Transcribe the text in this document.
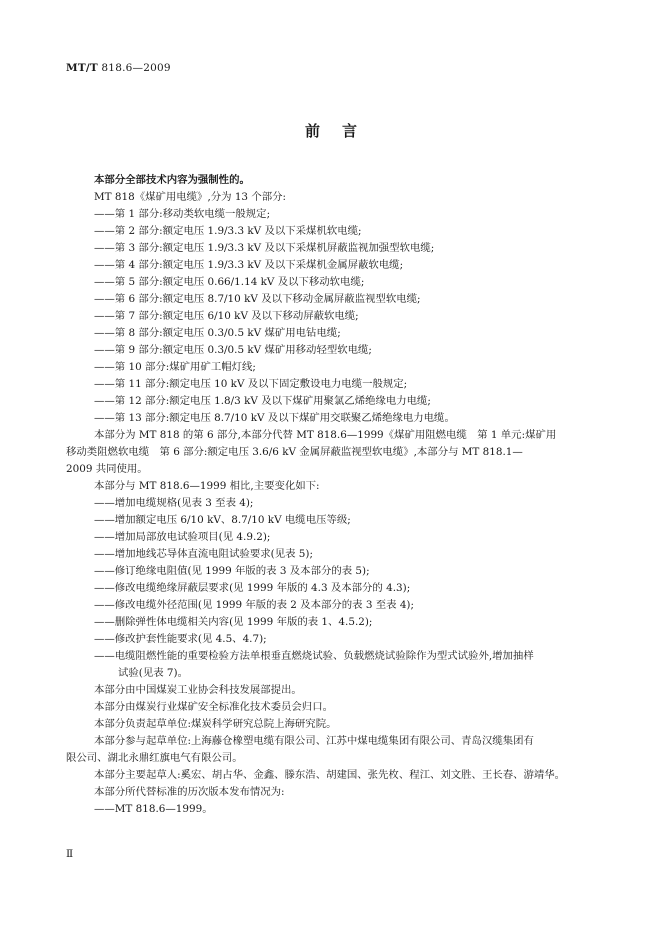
MT/T 818.6—2009
前言
本部分全部技术内容为强制性的。
MT 818《煤矿用电缆》,分为 13 个部分:
——第 1 部分:移动类软电缆一般规定;
——第 2 部分:额定电压 1.9/3.3 kV 及以下采煤机软电缆;
——第 3 部分:额定电压 1.9/3.3 kV 及以下采煤机屏蔽监视加强型软电缆;
——第 4 部分:额定电压 1.9/3.3 kV 及以下采煤机金属屏蔽软电缆;
——第 5 部分:额定电压 0.66/1.14 kV 及以下移动软电缆;
——第 6 部分:额定电压 8.7/10 kV 及以下移动金属屏蔽监视型软电缆;
——第 7 部分:额定电压 6/10 kV 及以下移动屏蔽软电缆;
——第 8 部分:额定电压 0.3/0.5 kV 煤矿用电钻电缆;
——第 9 部分:额定电压 0.3/0.5 kV 煤矿用移动轻型软电缆;
——第 10 部分:煤矿用矿工帽灯线;
——第 11 部分:额定电压 10 kV 及以下固定敷设电力电缆一般规定;
——第 12 部分:额定电压 1.8/3 kV 及以下煤矿用聚氯乙烯绝缘电力电缆;
——第 13 部分:额定电压 8.7/10 kV 及以下煤矿用交联聚乙烯绝缘电力电缆。
本部分为 MT 818 的第 6 部分,本部分代替 MT 818.6—1999《煤矿用阻燃电缆　第 1 单元:煤矿用
移动类阻燃软电缆　第 6 部分:额定电压 3.6/6 kV 金属屏蔽监视型软电缆》,本部分与 MT 818.1—
2009 共同使用。
本部分与 MT 818.6—1999 相比,主要变化如下:
——增加电缆规格(见表 3 至表 4);
——增加额定电压 6/10 kV、8.7/10 kV 电缆电压等级;
——增加局部放电试验项目(见 4.9.2);
——增加地线芯导体直流电阻试验要求(见表 5);
——修订绝缘电阻值(见 1999 年版的表 3 及本部分的表 5);
——修改电缆绝缘屏蔽层要求(见 1999 年版的 4.3 及本部分的 4.3);
——修改电缆外径范围(见 1999 年版的表 2 及本部分的表 3 至表 4);
——删除弹性体电缆相关内容(见 1999 年版的表 1、4.5.2);
——修改护套性能要求(见 4.5、4.7);
——电缆阻燃性能的重要检验方法单根垂直燃烧试验、负载燃烧试验除作为型式试验外,增加抽样
试验(见表 7)。
本部分由中国煤炭工业协会科技发展部提出。
本部分由煤炭行业煤矿安全标准化技术委员会归口。
本部分负责起草单位:煤炭科学研究总院上海研究院。
本部分参与起草单位:上海藤仓橡塑电缆有限公司、江苏中煤电缆集团有限公司、青岛汉缆集团有
限公司、湖北永鼎红旗电气有限公司。
本部分主要起草人:奚宏、胡占华、金鑫、滕东浩、胡建国、张先枚、程江、刘文胜、王长春、游靖华。
本部分所代替标准的历次版本发布情况为:
——MT 818.6—1999。
Ⅱ
